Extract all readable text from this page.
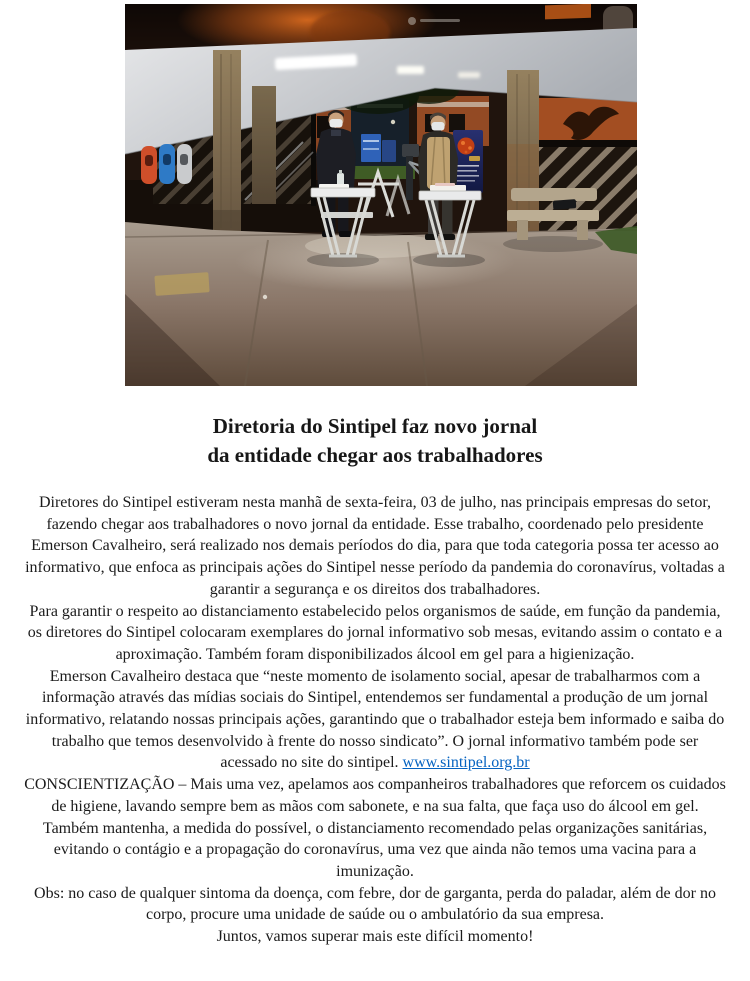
Diretoria do Sintipel faz novo jornal
da entidade chegar aos trabalhadores

Diretores do Sintipel estiveram nesta manhã de sexta-feira, 03 de julho, nas principais empresas do setor, fazendo chegar aos trabalhadores o novo jornal da entidade. Esse trabalho, coordenado pelo presidente Emerson Cavalheiro, será realizado nos demais períodos do dia, para que toda categoria possa ter acesso ao informativo, que enfoca as principais ações do Sintipel nesse período da pandemia do coronavírus, voltadas a garantir a segurança e os direitos dos trabalhadores.

Para garantir o respeito ao distanciamento estabelecido pelos organismos de saúde, em função da pandemia, os diretores do Sintipel colocaram exemplares do jornal informativo sob mesas, evitando assim o contato e a aproximação. Também foram disponibilizados álcool em gel para a higienização.

Emerson Cavalheiro destaca que “neste momento de isolamento social, apesar de trabalharmos com a informação através das mídias sociais do Sintipel, entendemos ser fundamental a produção de um jornal informativo, relatando nossas principais ações, garantindo que o trabalhador esteja bem informado e saiba do trabalho que temos desenvolvido à frente do nosso sindicato”. O jornal informativo também pode ser acessado no site do sintipel. www.sintipel.org.br

CONSCIENTIZAÇÃO – Mais uma vez, apelamos aos companheiros trabalhadores que reforcem os cuidados de higiene, lavando sempre bem as mãos com sabonete, e na sua falta, que faça uso do álcool em gel. Também mantenha, a medida do possível, o distanciamento recomendado pelas organizações sanitárias, evitando o contágio e a propagação do coronavírus, uma vez que ainda não temos uma vacina para a imunização.

Obs: no caso de qualquer sintoma da doença, com febre, dor de garganta, perda do paladar, além de dor no corpo, procure uma unidade de saúde ou o ambulatório da sua empresa.

Juntos, vamos superar mais este difícil momento!
